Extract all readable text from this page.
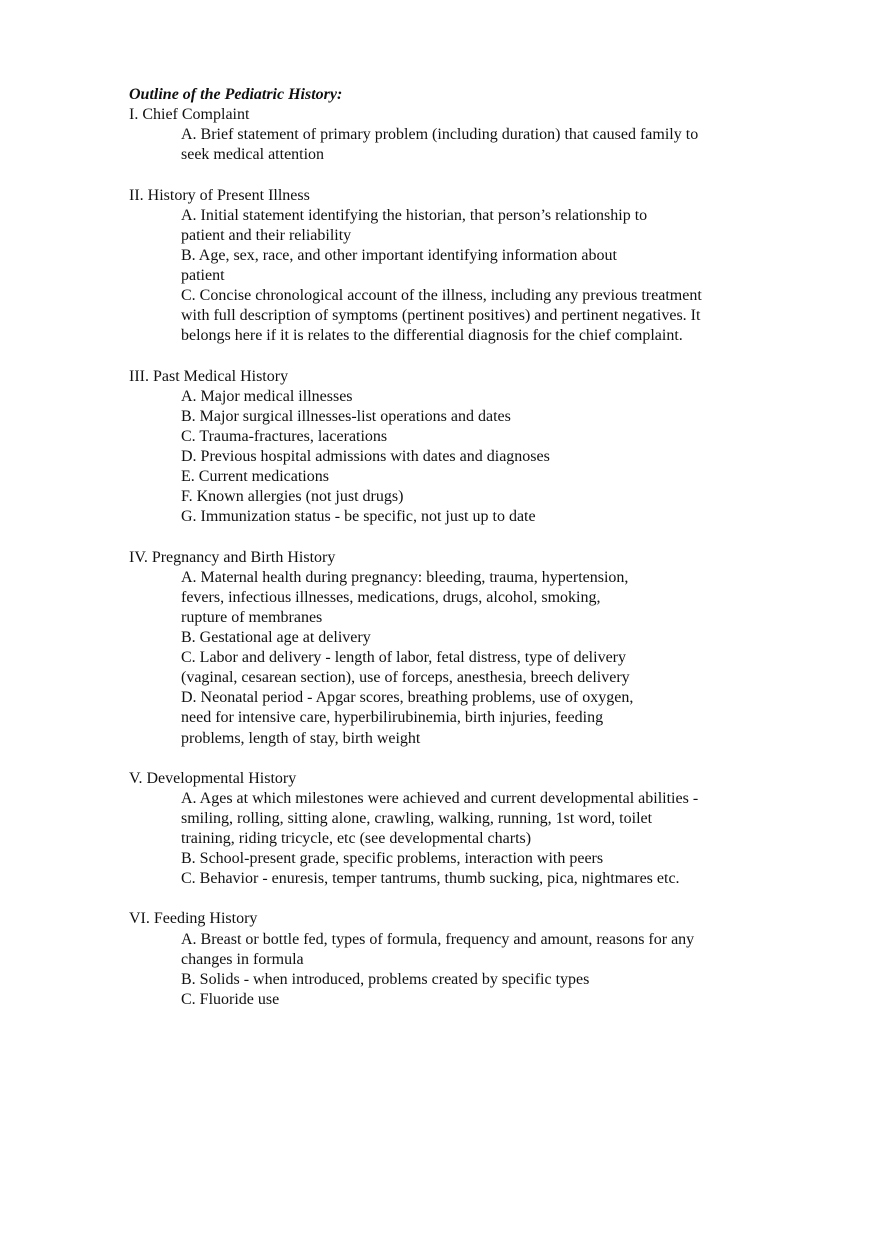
Outline of the Pediatric History:
I. Chief Complaint
A. Brief statement of primary problem (including duration) that caused family to
seek medical attention
II. History of Present Illness
A. Initial statement identifying the historian, that person’s relationship to
patient and their reliability
B. Age, sex, race, and other important identifying information about
patient
C. Concise chronological account of the illness, including any previous treatment
with full description of symptoms (pertinent positives) and pertinent negatives. It
belongs here if it is relates to the differential diagnosis for the chief complaint.
III. Past Medical History
A. Major medical illnesses
B. Major surgical illnesses-list operations and dates
C. Trauma-fractures, lacerations
D. Previous hospital admissions with dates and diagnoses
E. Current medications
F. Known allergies (not just drugs)
G. Immunization status - be specific, not just up to date
IV. Pregnancy and Birth History
A. Maternal health during pregnancy: bleeding, trauma, hypertension,
fevers, infectious illnesses, medications, drugs, alcohol, smoking,
rupture of membranes
B. Gestational age at delivery
C. Labor and delivery - length of labor, fetal distress, type of delivery
(vaginal, cesarean section), use of forceps, anesthesia, breech delivery
D. Neonatal period - Apgar scores, breathing problems, use of oxygen,
need for intensive care, hyperbilirubinemia, birth injuries, feeding
problems, length of stay, birth weight
V. Developmental History
A. Ages at which milestones were achieved and current developmental abilities -
smiling, rolling, sitting alone, crawling, walking, running, 1st word, toilet
training, riding tricycle, etc (see developmental charts)
B. School-present grade, specific problems, interaction with peers
C. Behavior - enuresis, temper tantrums, thumb sucking, pica, nightmares etc.
VI. Feeding History
A. Breast or bottle fed, types of formula, frequency and amount, reasons for any
changes in formula
B. Solids - when introduced, problems created by specific types
C. Fluoride use
